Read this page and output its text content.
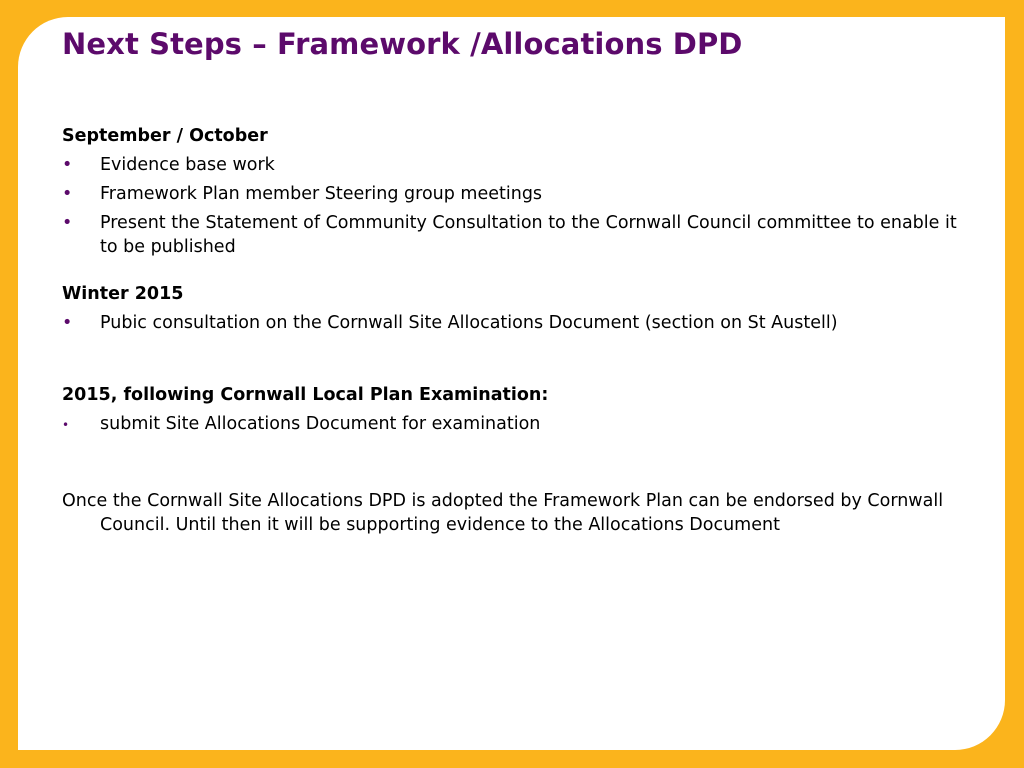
Next Steps – Framework /Allocations DPD

September / October

• Evidence base work
• Framework Plan member Steering group meetings
• Present the Statement of Community Consultation to the Cornwall Council committee to enable it to be published

Winter 2015

• Pubic consultation on the Cornwall Site Allocations Document (section on St Austell)

2015, following Cornwall Local Plan Examination:

• submit Site Allocations Document for examination

Once the Cornwall Site Allocations DPD is adopted the Framework Plan can be endorsed by Cornwall Council. Until then it will be supporting evidence to the Allocations Document
